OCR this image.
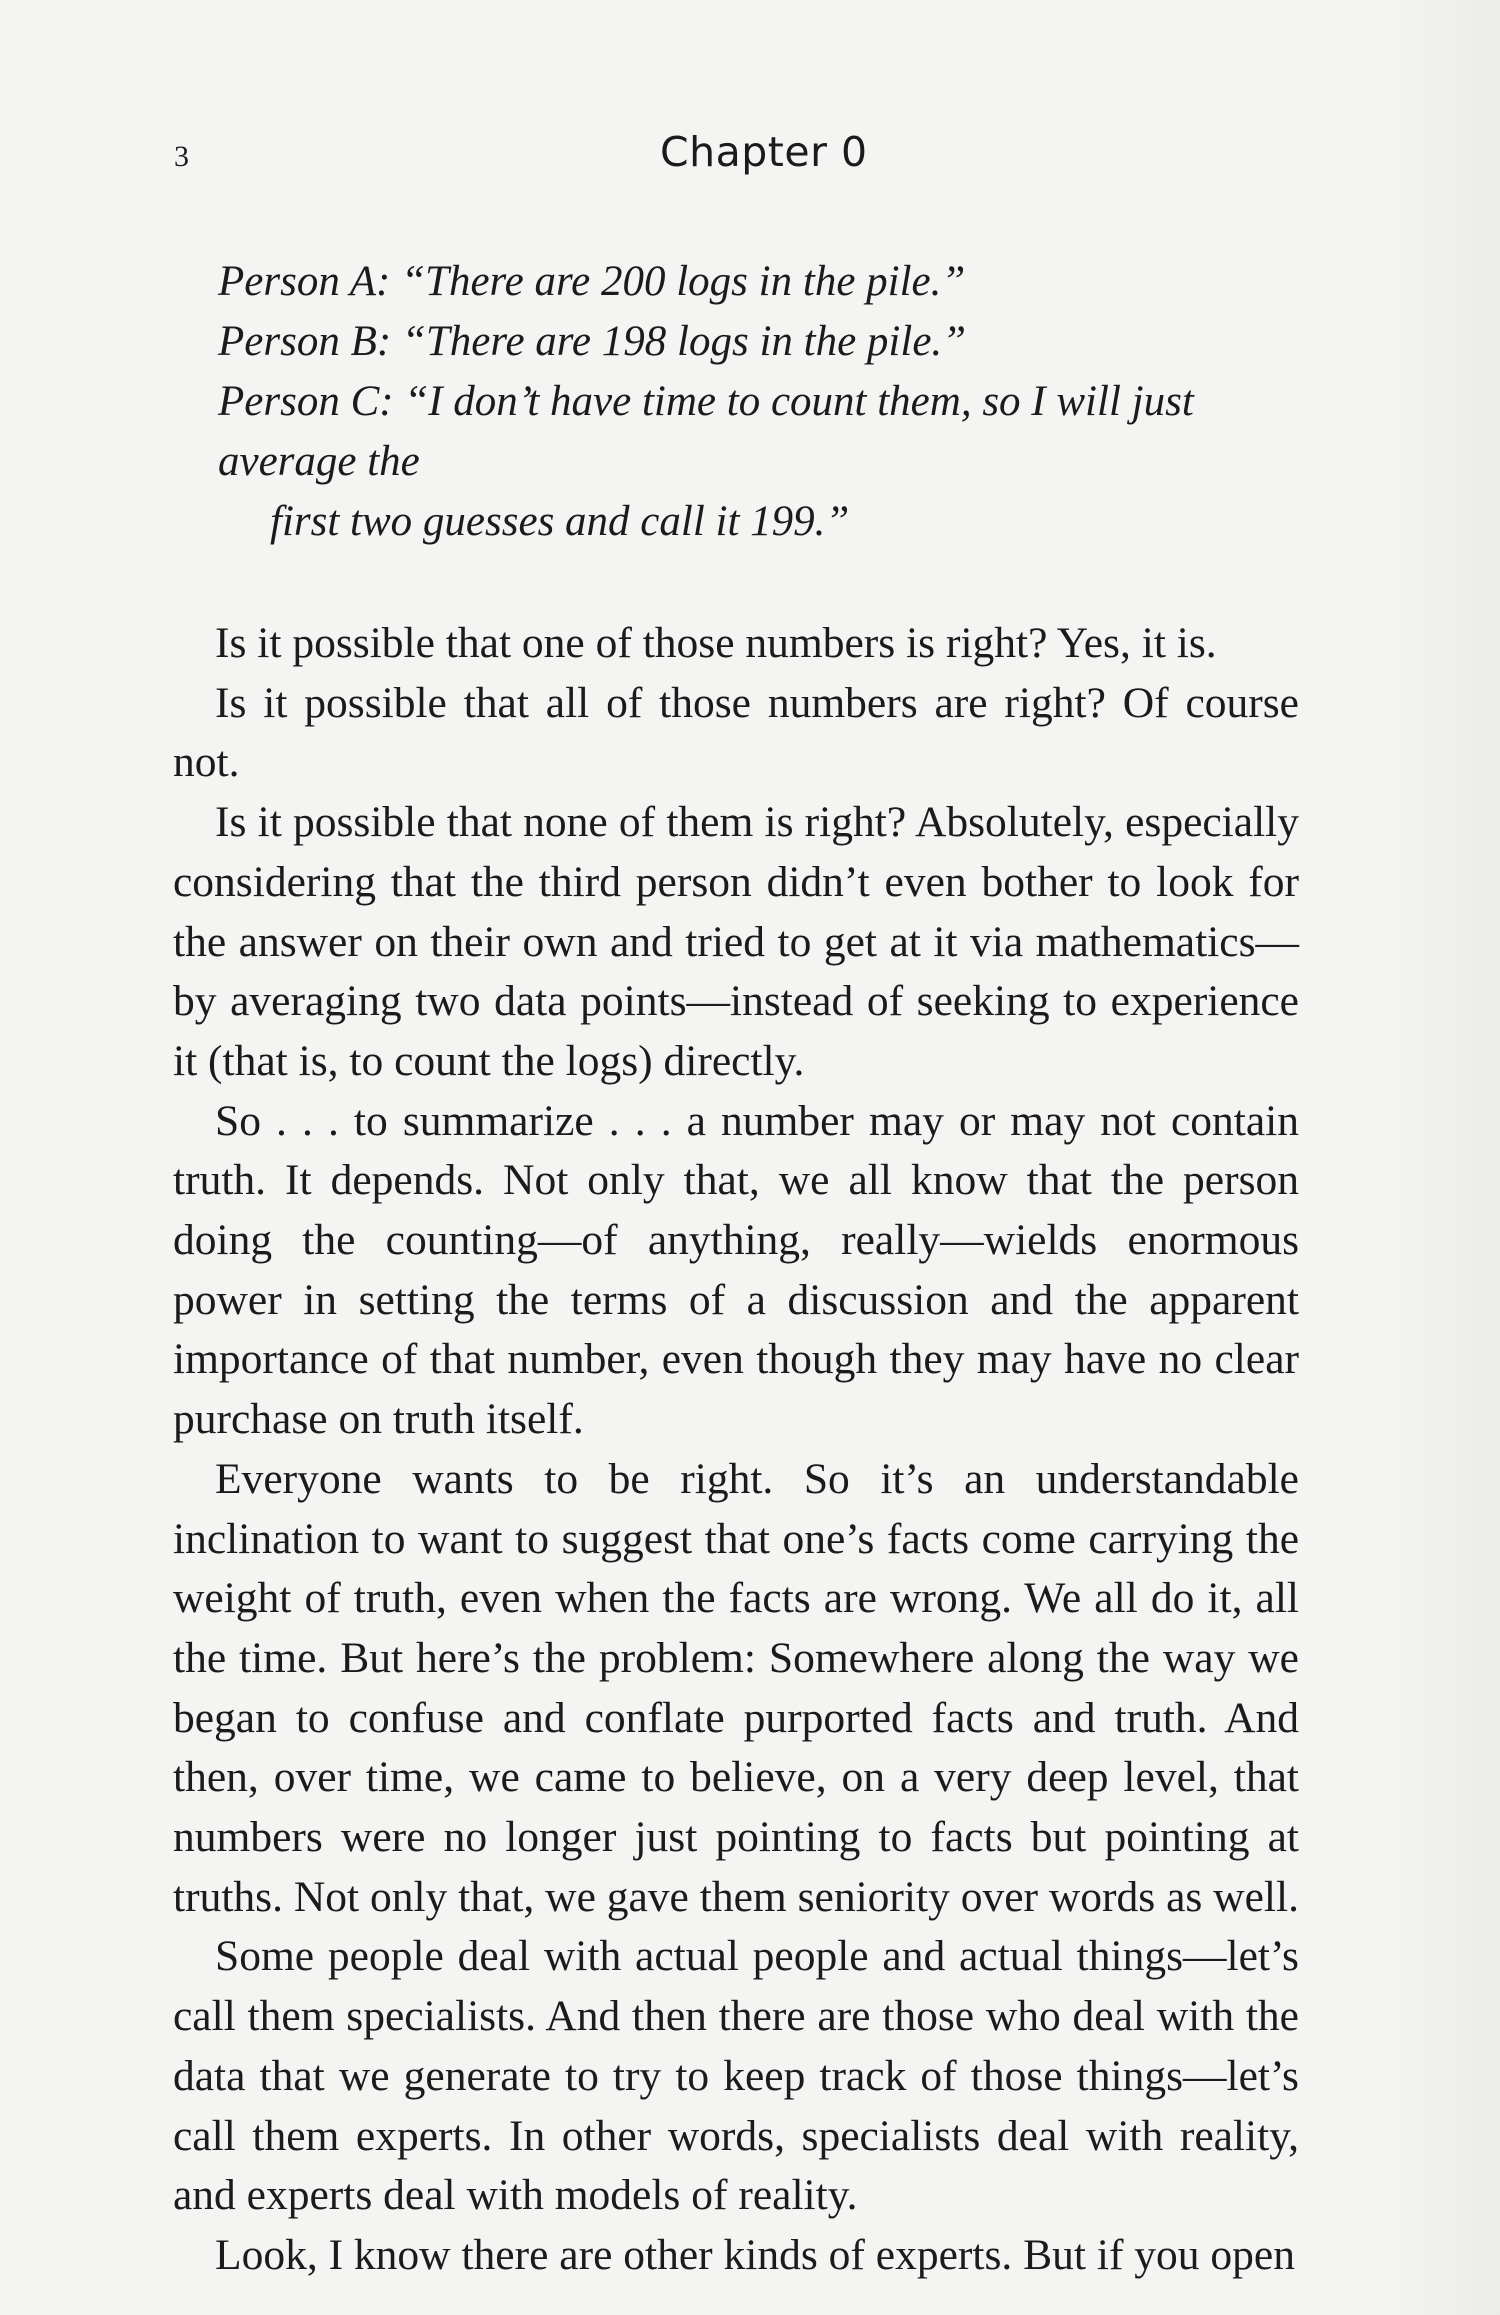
3	Chapter 0

Person A: “There are 200 logs in the pile.”

Person B: “There are 198 logs in the pile.”

Person C: “I don’t have time to count them, so I will just average the

first two guesses and call it 199.”

Is it possible that one of those numbers is right? Yes, it is.

Is it possible that all of those numbers are right? Of course not.

Is it possible that none of them is right? Absolutely, especially considering that the third person didn’t even bother to look for the answer on their own and tried to get at it via mathematics—by averaging two data points—instead of seeking to experience it (that is, to count the logs) directly.

So . . . to summarize . . . a number may or may not contain truth. It depends. Not only that, we all know that the person doing the counting—of anything, really—wields enormous power in setting the terms of a discussion and the apparent importance of that number, even though they may have no clear purchase on truth itself.

Everyone wants to be right. So it’s an understandable inclination to want to suggest that one’s facts come carrying the weight of truth, even when the facts are wrong. We all do it, all the time. But here’s the problem: Somewhere along the way we began to confuse and conflate purported facts and truth. And then, over time, we came to believe, on a very deep level, that numbers were no longer just pointing to facts but pointing at truths. Not only that, we gave them seniority over words as well.

Some people deal with actual people and actual things—let’s call them specialists. And then there are those who deal with the data that we generate to try to keep track of those things—let’s call them experts. In other words, specialists deal with reality, and experts deal with models of reality.

Look, I know there are other kinds of experts. But if you open
